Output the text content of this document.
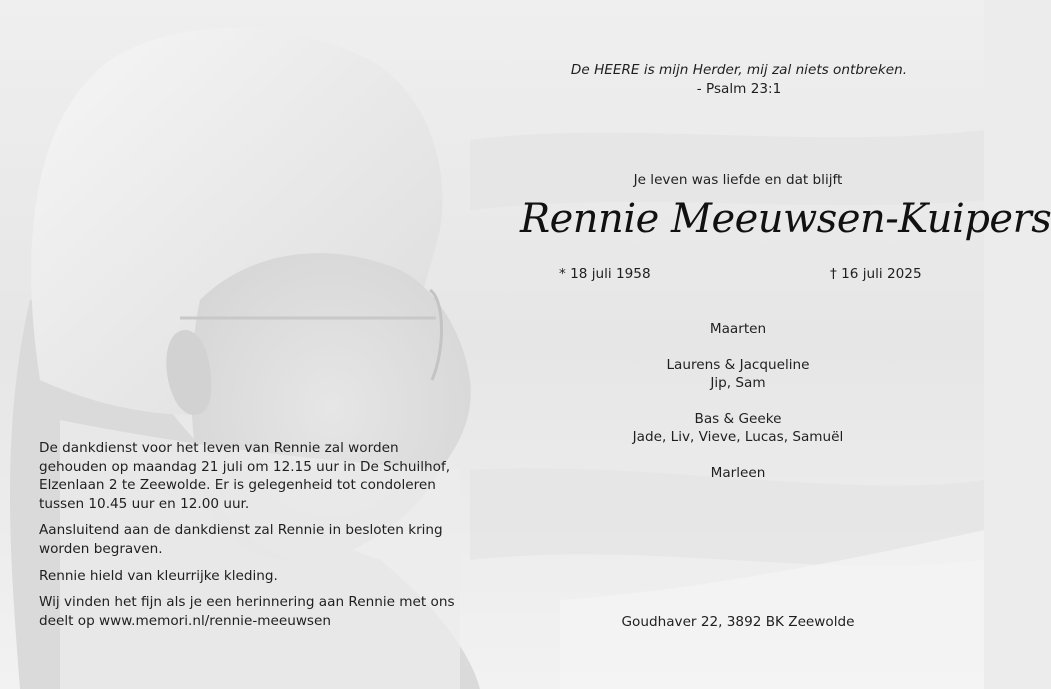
De HEERE is mijn Herder, mij zal niets ontbreken.
- Psalm 23:1
Je leven was liefde en dat blijft
Rennie Meeuwsen-Kuipers
* 18 juli 1958	† 16 juli 2025
Maarten
Laurens & Jacqueline
Jip, Sam
Bas & Geeke
Jade, Liv, Vieve, Lucas, Samuël
Marleen
Goudhaver 22, 3892 BK Zeewolde

De dankdienst voor het leven van Rennie zal worden gehouden op maandag 21 juli om 12.15 uur in De Schuilhof, Elzenlaan 2 te Zeewolde. Er is gelegenheid tot condoleren tussen 10.45 uur en 12.00 uur.

Aansluitend aan de dankdienst zal Rennie in besloten kring worden begraven.

Rennie hield van kleurrijke kleding.

Wij vinden het fijn als je een herinnering aan Rennie met ons deelt op www.memori.nl/rennie-meeuwsen
